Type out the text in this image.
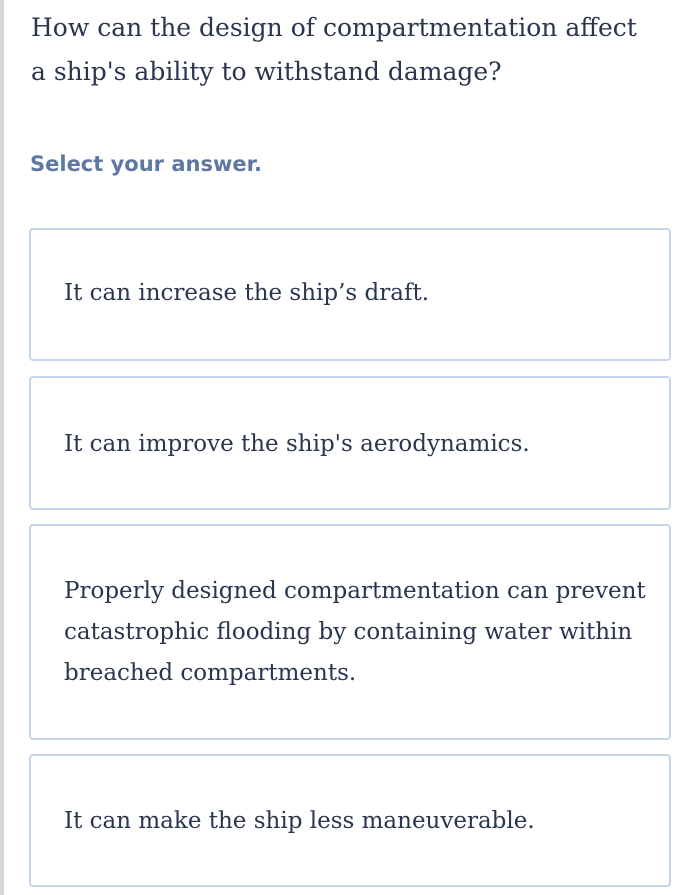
How can the design of compartmentation affect a ship's ability to withstand damage?

Select your answer.

It can increase the ship’s draft.
It can improve the ship's aerodynamics.
Properly designed compartmentation can prevent catastrophic flooding by containing water within breached compartments.
It can make the ship less maneuverable.
